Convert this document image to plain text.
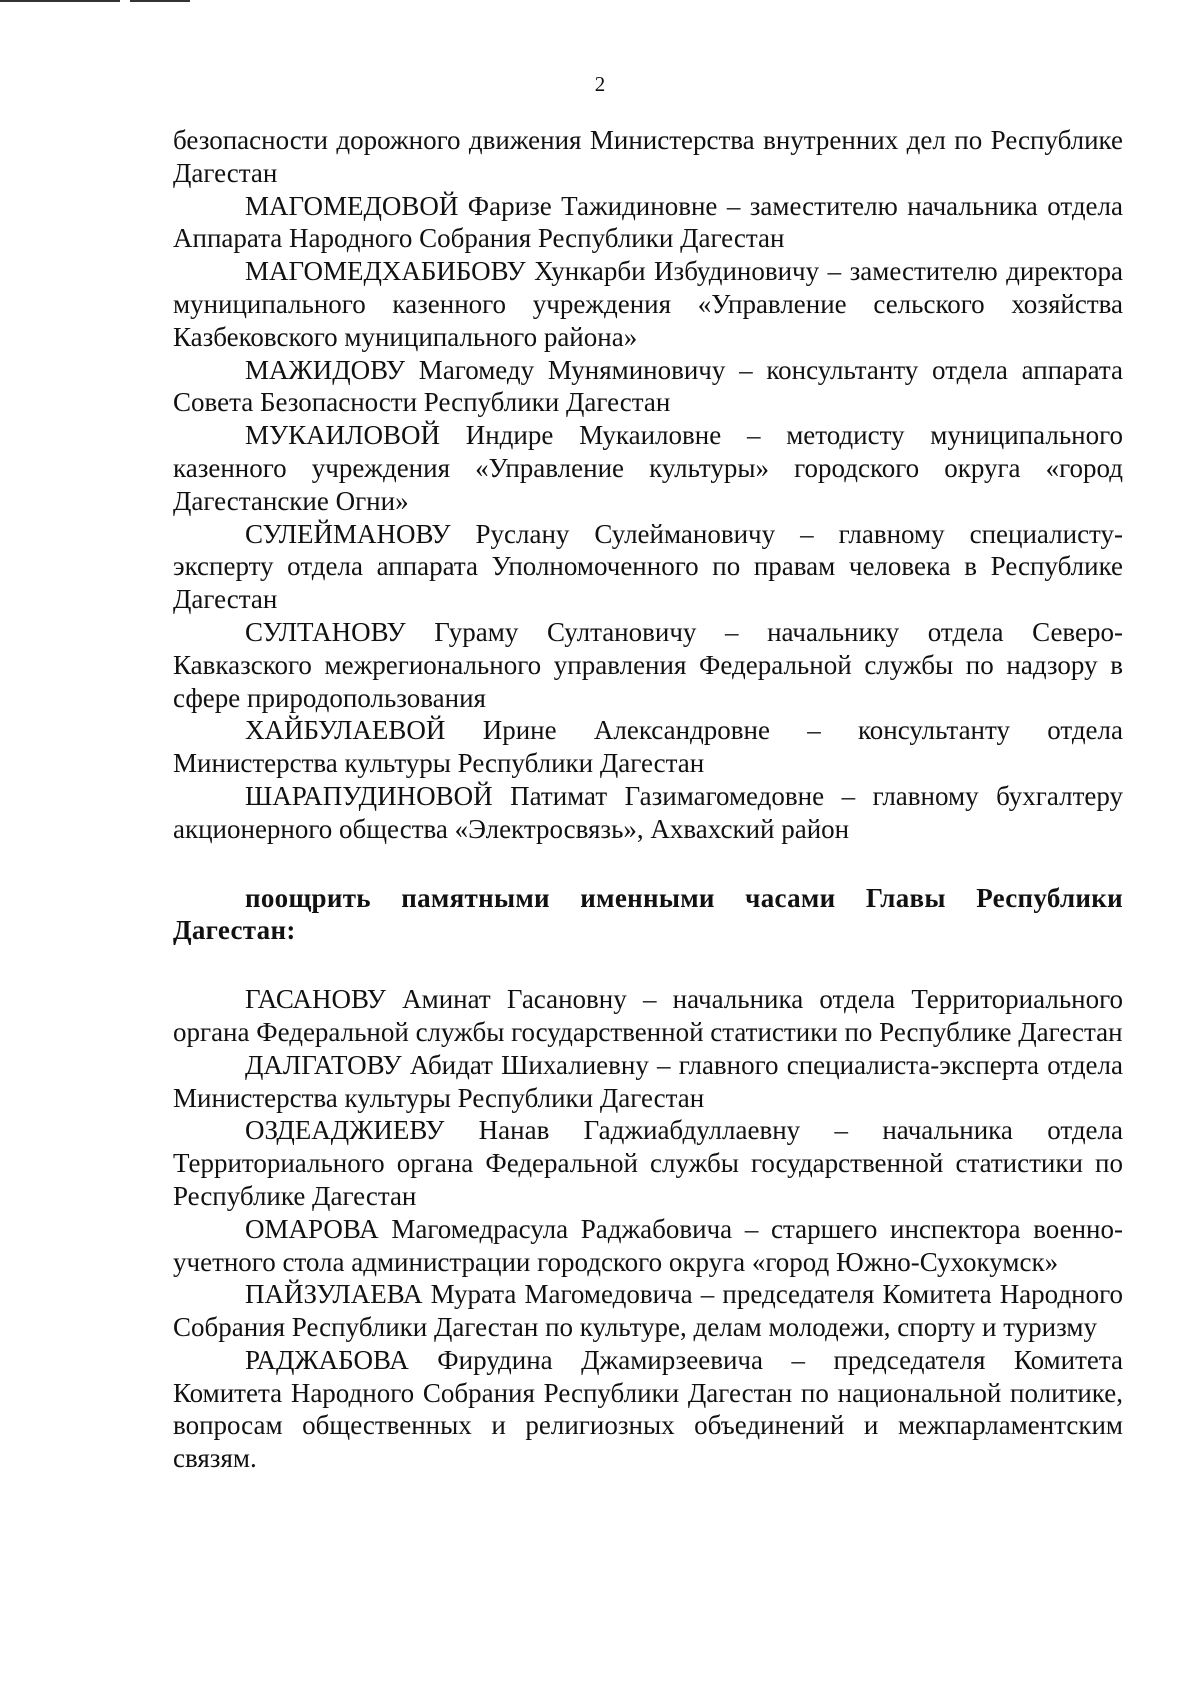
2

безопасности дорожного движения Министерства внутренних дел по Республике Дагестан

МАГОМЕДОВОЙ Фаризе Тажидиновне – заместителю начальника отдела Аппарата Народного Собрания Республики Дагестан

МАГОМЕДХАБИБОВУ Хункарби Избудиновичу – заместителю директора муниципального казенного учреждения «Управление сельского хозяйства Казбековского муниципального района»

МАЖИДОВУ Магомеду Муняминовичу – консультанту отдела аппарата Совета Безопасности Республики Дагестан

МУКАИЛОВОЙ Индире Мукаиловне – методисту муниципального казенного учреждения «Управление культуры» городского округа «город Дагестанские Огни»

СУЛЕЙМАНОВУ Руслану Сулеймановичу – главному специалисту-эксперту отдела аппарата Уполномоченного по правам человека в Республике Дагестан

СУЛТАНОВУ Гураму Султановичу – начальнику отдела Северо-Кавказского межрегионального управления Федеральной службы по надзору в сфере природопользования

ХАЙБУЛАЕВОЙ Ирине Александровне – консультанту отдела Министерства культуры Республики Дагестан

ШАРАПУДИНОВОЙ Патимат Газимагомедовне – главному бухгалтеру акционерного общества «Электросвязь», Ахвахский район

поощрить памятными именными часами Главы Республики Дагестан:

ГАСАНОВУ Аминат Гасановну – начальника отдела Территориального органа Федеральной службы государственной статистики по Республике Дагестан

ДАЛГАТОВУ Абидат Шихалиевну – главного специалиста-эксперта отдела Министерства культуры Республики Дагестан

ОЗДЕАДЖИЕВУ Нанав Гаджиабдуллаевну – начальника отдела Территориального органа Федеральной службы государственной статистики по Республике Дагестан

ОМАРОВА Магомедрасула Раджабовича – старшего инспектора военно-учетного стола администрации городского округа «город Южно-Сухокумск»

ПАЙЗУЛАЕВА Мурата Магомедовича – председателя Комитета Народного Собрания Республики Дагестан по культуре, делам молодежи, спорту и туризму

РАДЖАБОВА Фирудина Джамирзеевича – председателя Комитета Комитета Народного Собрания Республики Дагестан по национальной политике, вопросам общественных и религиозных объединений и межпарламентским связям.
